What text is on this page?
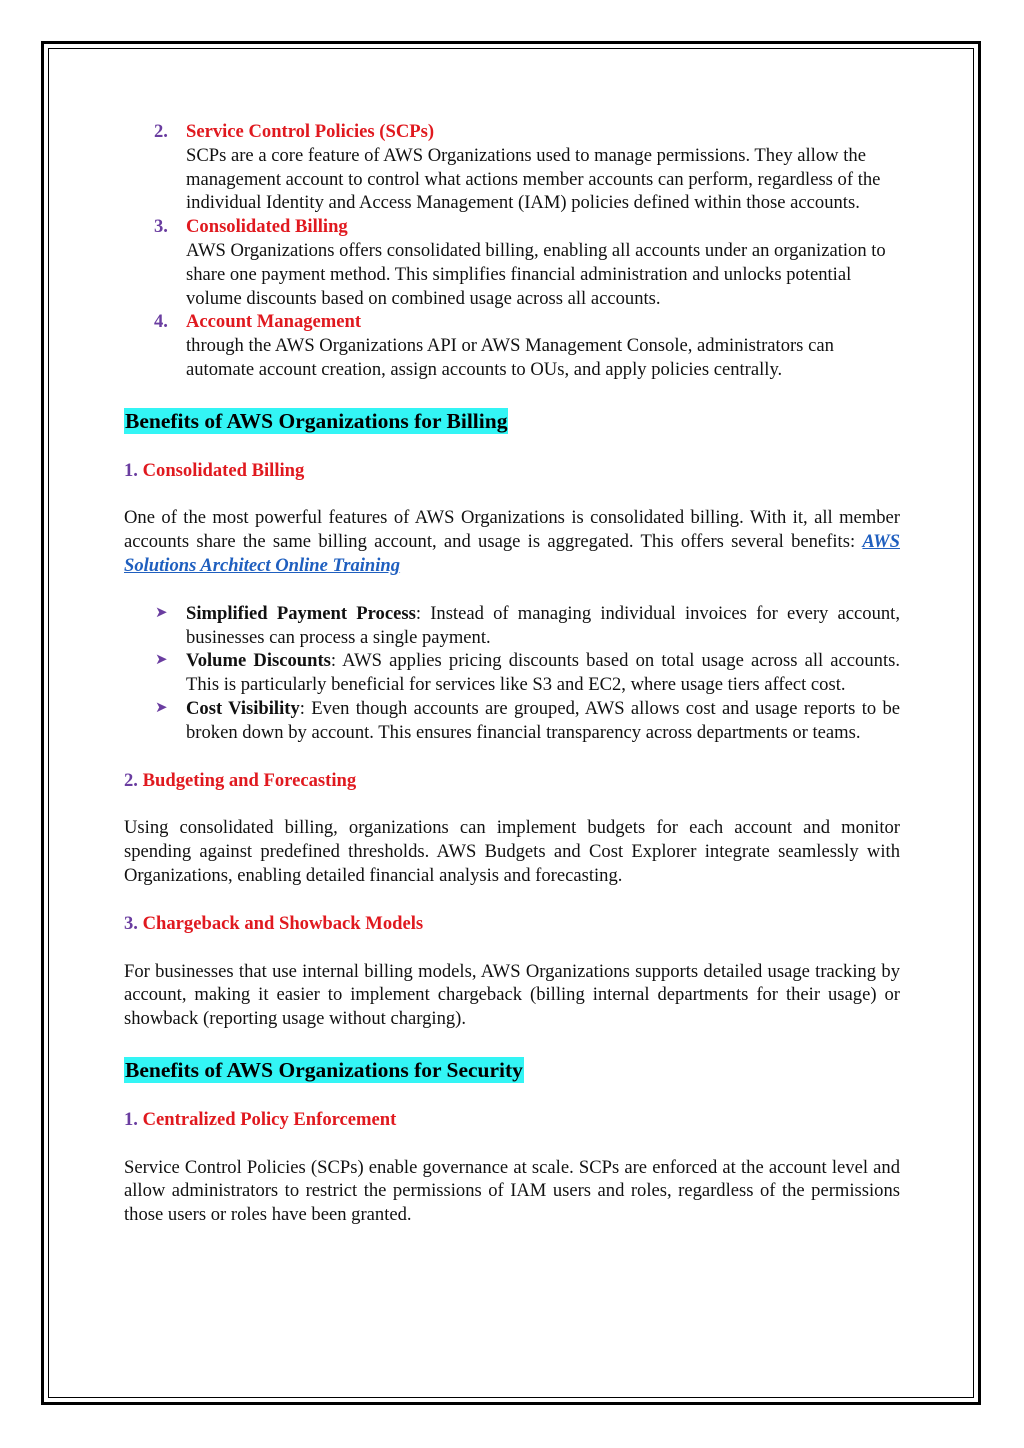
2. Service Control Policies (SCPs)

SCPs are a core feature of AWS Organizations used to manage permissions. They allow the management account to control what actions member accounts can perform, regardless of the individual Identity and Access Management (IAM) policies defined within those accounts.

3. Consolidated Billing

AWS Organizations offers consolidated billing, enabling all accounts under an organization to share one payment method. This simplifies financial administration and unlocks potential volume discounts based on combined usage across all accounts.

4. Account Management

through the AWS Organizations API or AWS Management Console, administrators can automate account creation, assign accounts to OUs, and apply policies centrally.

Benefits of AWS Organizations for Billing

1. Consolidated Billing

One of the most powerful features of AWS Organizations is consolidated billing. With it, all member accounts share the same billing account, and usage is aggregated. This offers several benefits: AWS Solutions Architect Online Training

➤ Simplified Payment Process: Instead of managing individual invoices for every account, businesses can process a single payment.
➤ Volume Discounts: AWS applies pricing discounts based on total usage across all accounts. This is particularly beneficial for services like S3 and EC2, where usage tiers affect cost.
➤ Cost Visibility: Even though accounts are grouped, AWS allows cost and usage reports to be broken down by account. This ensures financial transparency across departments or teams.

2. Budgeting and Forecasting

Using consolidated billing, organizations can implement budgets for each account and monitor spending against predefined thresholds. AWS Budgets and Cost Explorer integrate seamlessly with Organizations, enabling detailed financial analysis and forecasting.

3. Chargeback and Showback Models

For businesses that use internal billing models, AWS Organizations supports detailed usage tracking by account, making it easier to implement chargeback (billing internal departments for their usage) or showback (reporting usage without charging).

Benefits of AWS Organizations for Security

1. Centralized Policy Enforcement

Service Control Policies (SCPs) enable governance at scale. SCPs are enforced at the account level and allow administrators to restrict the permissions of IAM users and roles, regardless of the permissions those users or roles have been granted.
